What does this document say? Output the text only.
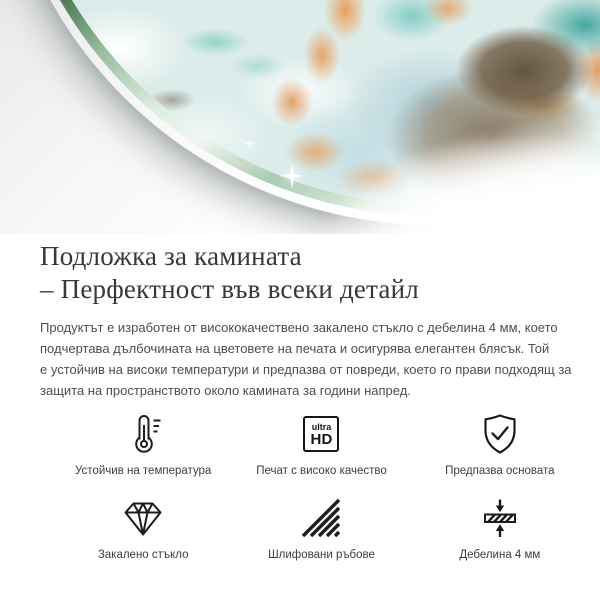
Подложка за камината
– Перфектност във всеки детайл

Продуктът е изработен от висококачествено закалено стъкло с дебелина 4 мм, което
подчертава дълбочината на цветовете на печата и осигурява елегантен блясък. Той
е устойчив на високи температури и предпазва от повреди, което го прави подходящ за
защита на пространството около камината за години напред.

Устойчив на температура
ultra
HD
Печат с високо качество	Предпазва основата
Закалено стъкло	Шлифовани ръбове	Дебелина 4 мм
